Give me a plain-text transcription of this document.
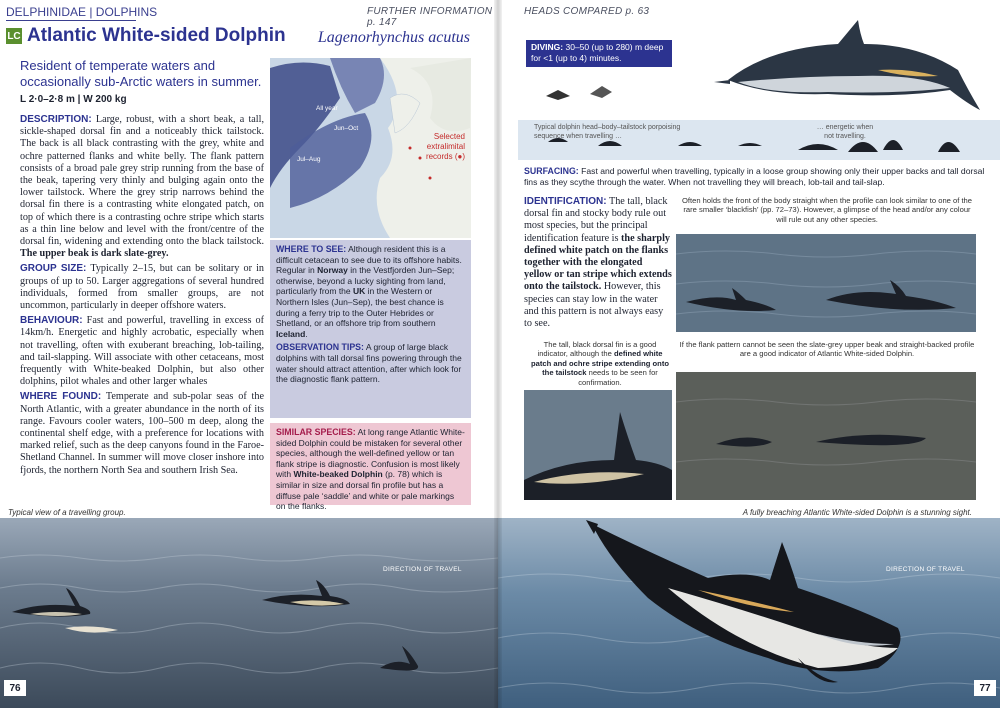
DELPHINIDAE | DOLPHINS	FURTHER INFORMATION p. 147
LC Atlantic White-sided Dolphin Lagenorhynchus acutus
Resident of temperate waters and occasionally sub-Arctic waters in summer.
L 2·0–2·8 m | W 200 kg

DESCRIPTION: Large, robust, with a short beak, a tall, sickle-shaped dorsal fin and a noticeably thick tailstock. The back is all black contrasting with the grey, white and ochre patterned flanks and white belly. The flank pattern consists of a broad pale grey strip running from the base of the beak, tapering very thinly and bulging again onto the lower tailstock. Where the grey strip narrows behind the dorsal fin there is a contrasting white elongated patch, on top of which there is a contrasting ochre stripe which starts as a thin line below and level with the front/centre of the dorsal fin, widening and extending onto the black tailstock. The upper beak is dark slate-grey.

GROUP SIZE: Typically 2–15, but can be solitary or in groups of up to 50. Larger aggregations of several hundred individuals, formed from smaller groups, are not uncommon, particularly in deeper offshore waters.

BEHAVIOUR: Fast and powerful, travelling in excess of 14km/h. Energetic and highly acrobatic, especially when not travelling, often with exuberant breaching, lob-tailing, and tail-slapping. Will associate with other cetaceans, most frequently with White-beaked Dolphin, but also other dolphins, pilot whales and other larger whales

WHERE FOUND: Temperate and sub-polar seas of the North Atlantic, with a greater abundance in the north of its range. Favours cooler waters, 100–500 m deep, along the continental shelf edge, with a preference for locations with marked relief, such as the deep canyons found in the Faroe-Shetland Channel. In summer will move closer inshore into fjords, the northern North Sea and southern Irish Sea.

All year
Jun–Oct
Jul–Aug
Selected extralimital records (●)

WHERE TO SEE: Although resident this is a difficult cetacean to see due to its offshore habits. Regular in Norway in the Vestfjorden Jun–Sep; otherwise, beyond a lucky sighting from land, particularly from the UK in the Western or Northern Isles (Jun–Sep), the best chance is during a ferry trip to the Outer Hebrides or Shetland, or an offshore trip from southern Iceland.

OBSERVATION TIPS: A group of large black dolphins with tall dorsal fins powering through the water should attract attention, after which look for the diagnostic flank pattern.

SIMILAR SPECIES: At long range Atlantic White-sided Dolphin could be mistaken for several other species, although the well-defined yellow or tan flank stripe is diagnostic. Confusion is most likely with White-beaked Dolphin (p. 78) which is similar in size and dorsal fin profile but has a diffuse pale ‘saddle’ and white or pale markings on the flanks.

Typical view of a travelling group.
DIRECTION OF TRAVEL
76
HEADS COMPARED p. 63
DIVING: 30–50 (up to 280) m deep for <1 (up to 4) minutes.
Typical dolphin head–body–tailstock porpoising sequence when travelling …
… energetic when not travelling.
SURFACING: Fast and powerful when travelling, typically in a loose group showing only their upper backs and tall dorsal fins as they scythe through the water. When not travelling they will breach, lob-tail and tail-slap.
IDENTIFICATION: The tall, black dorsal fin and stocky body rule out most species, but the principal identification feature is the sharply defined white patch on the flanks together with the elongated yellow or tan stripe which extends onto the tailstock. However, this species can stay low in the water and this pattern is not always easy to see.
Often holds the front of the body straight when the profile can look similar to one of the rare smaller ‘blackfish’ (pp. 72–73). However, a glimpse of the head and/or any colour will rule out any other species.
The tall, black dorsal fin is a good indicator, although the defined white patch and ochre stripe extending onto the tailstock needs to be seen for confirmation.
If the flank pattern cannot be seen the slate-grey upper beak and straight-backed profile are a good indicator of Atlantic White-sided Dolphin.
A fully breaching Atlantic White-sided Dolphin is a stunning sight.
DIRECTION OF TRAVEL
77
